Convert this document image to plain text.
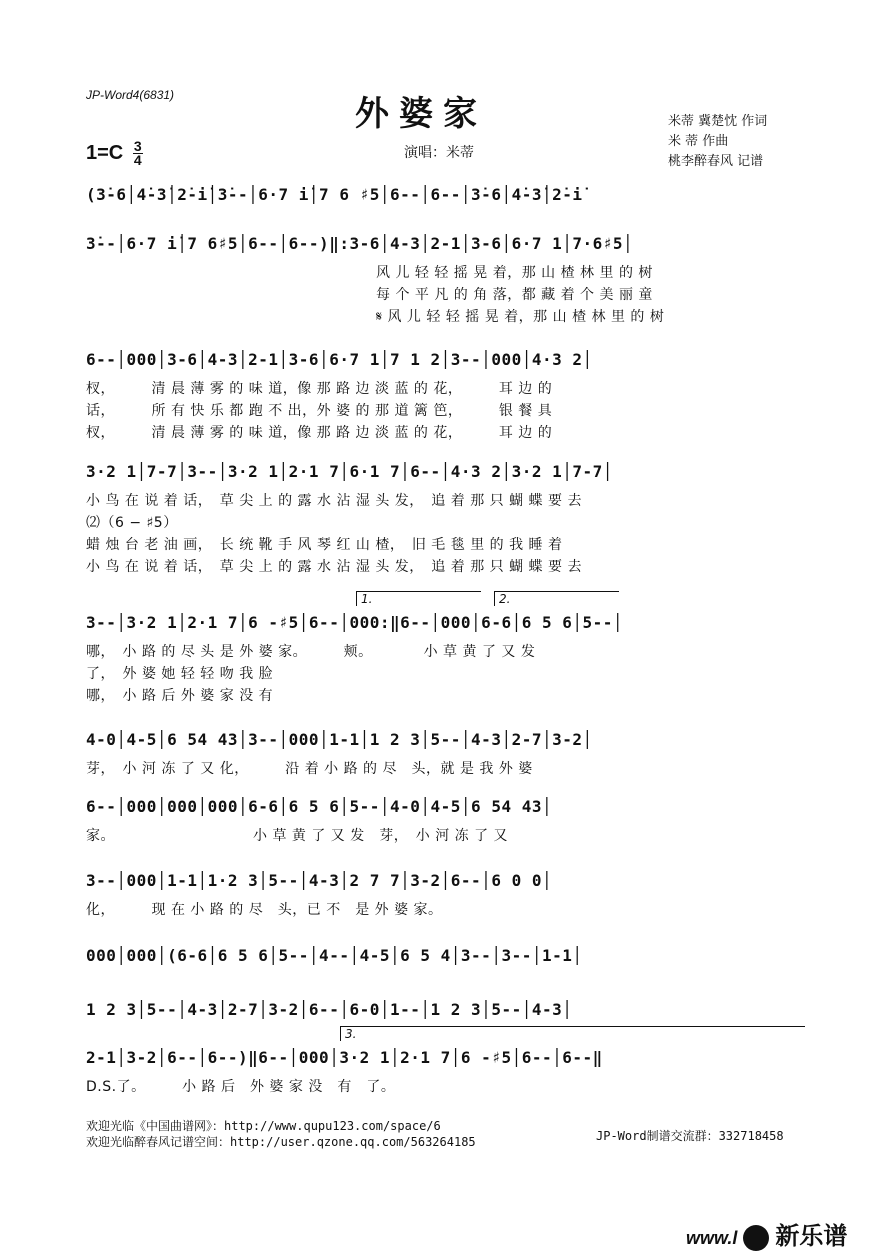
JP-Word4(6831)	外婆家	米蒂 冀楚忱 作词
米 蒂 作曲
桃李醉春风 记谱
$1=C \frac{3}{4}$	演唱：米蒂
(3̇-6│4̇-3̇│2̇-i̇│3̇--│6·7 i̇│7 6 ♯5│6--│6--│3̇-6│4̇-3̇│2̇-i̇
3̇--│6·7 i̇│7 6♯5│6--│6--)‖:3-6│4-3│2-1│3-6│6·7 1│7·6♯5│
风 儿 轻 轻 摇 晃 着，那 山 楂 林 里 的 树
每 个 平 凡 的 角 落，都 藏 着 个 美 丽 童
𝄋 风 儿 轻 轻 摇 晃 着，那 山 楂 林 里 的 树
6--│000│3-6│4-3│2-1│3-6│6·7 1│7 1 2│3--│000│4·3 2│
杈，　　　清 晨 薄 雾 的 味 道，像 那 路 边 淡 蓝 的 花，　　　耳 边 的
话，　　　所 有 快 乐 都 跑 不 出，外 婆 的 那 道 篱 笆，　　　银 餐 具
杈，　　　清 晨 薄 雾 的 味 道，像 那 路 边 淡 蓝 的 花，　　　耳 边 的
3·2 1│7-7│3--│3·2 1│2·1 7│6·1 7│6--│4·3 2│3·2 1│7-7│
小 鸟 在 说 着 话，　草 尖 上 的 露 水 沾 湿 头 发，　追 着 那 只 蝴 蝶 要 去
⑵（6 − ♯5）
蜡 烛 台 老 油 画，　长 统 靴 手 风 琴 红 山 楂，　旧 毛 毯 里 的 我 睡 着
小 鸟 在 说 着 话，　草 尖 上 的 露 水 沾 湿 头 发，　追 着 那 只 蝴 蝶 要 去
3--│3·2 1│2·1 7│6 -♯5│6--│000:‖6--│000│6-6│6 5 6│5--│
1.	2.
哪，　小 路 的 尽 头 是 外 婆 家。　　　颊。　　　　小 草 黄 了 又 发
了，　外 婆 她 轻 轻 吻 我 脸
哪，　小 路 后 外 婆 家 没 有
4-0│4-5│6 54 43│3--│000│1-1│1 2 3│5--│4-3│2-7│3-2│
芽，　小 河 冻 了 又 化，　　　沿 着 小 路 的 尽　头，就 是 我 外 婆
6--│000│000│000│6-6│6 5 6│5--│4-0│4-5│6 54 43│
家。　　　　　　　　　　小 草 黄 了 又 发　芽，　小 河 冻 了 又
3--│000│1-1│1·2 3│5--│4-3│2 7 7│3-2│6--│6 0 0│
化，　　　现 在 小 路 的 尽　头，已 不　是 外 婆 家。
000│000│(6-6│6 5 6│5--│4--│4-5│6 5 4│3--│3--│1-1│
1 2 3│5--│4-3│2-7│3-2│6--│6-0│1--│1 2 3│5--│4-3│
2-1│3-2│6--│6--)‖6--│000│3·2 1│2·1 7│6 -♯5│6--│6--‖
3.
D.S.了。　　　小 路 后　外 婆 家 没　有　了。
欢迎光临《中国曲谱网》：http://www.qupu123.com/space/6
欢迎光临醉春风记谱空间：http://user.qzone.qq.com/563264185	JP-Word制谱交流群：332718458
www.l 新乐谱
